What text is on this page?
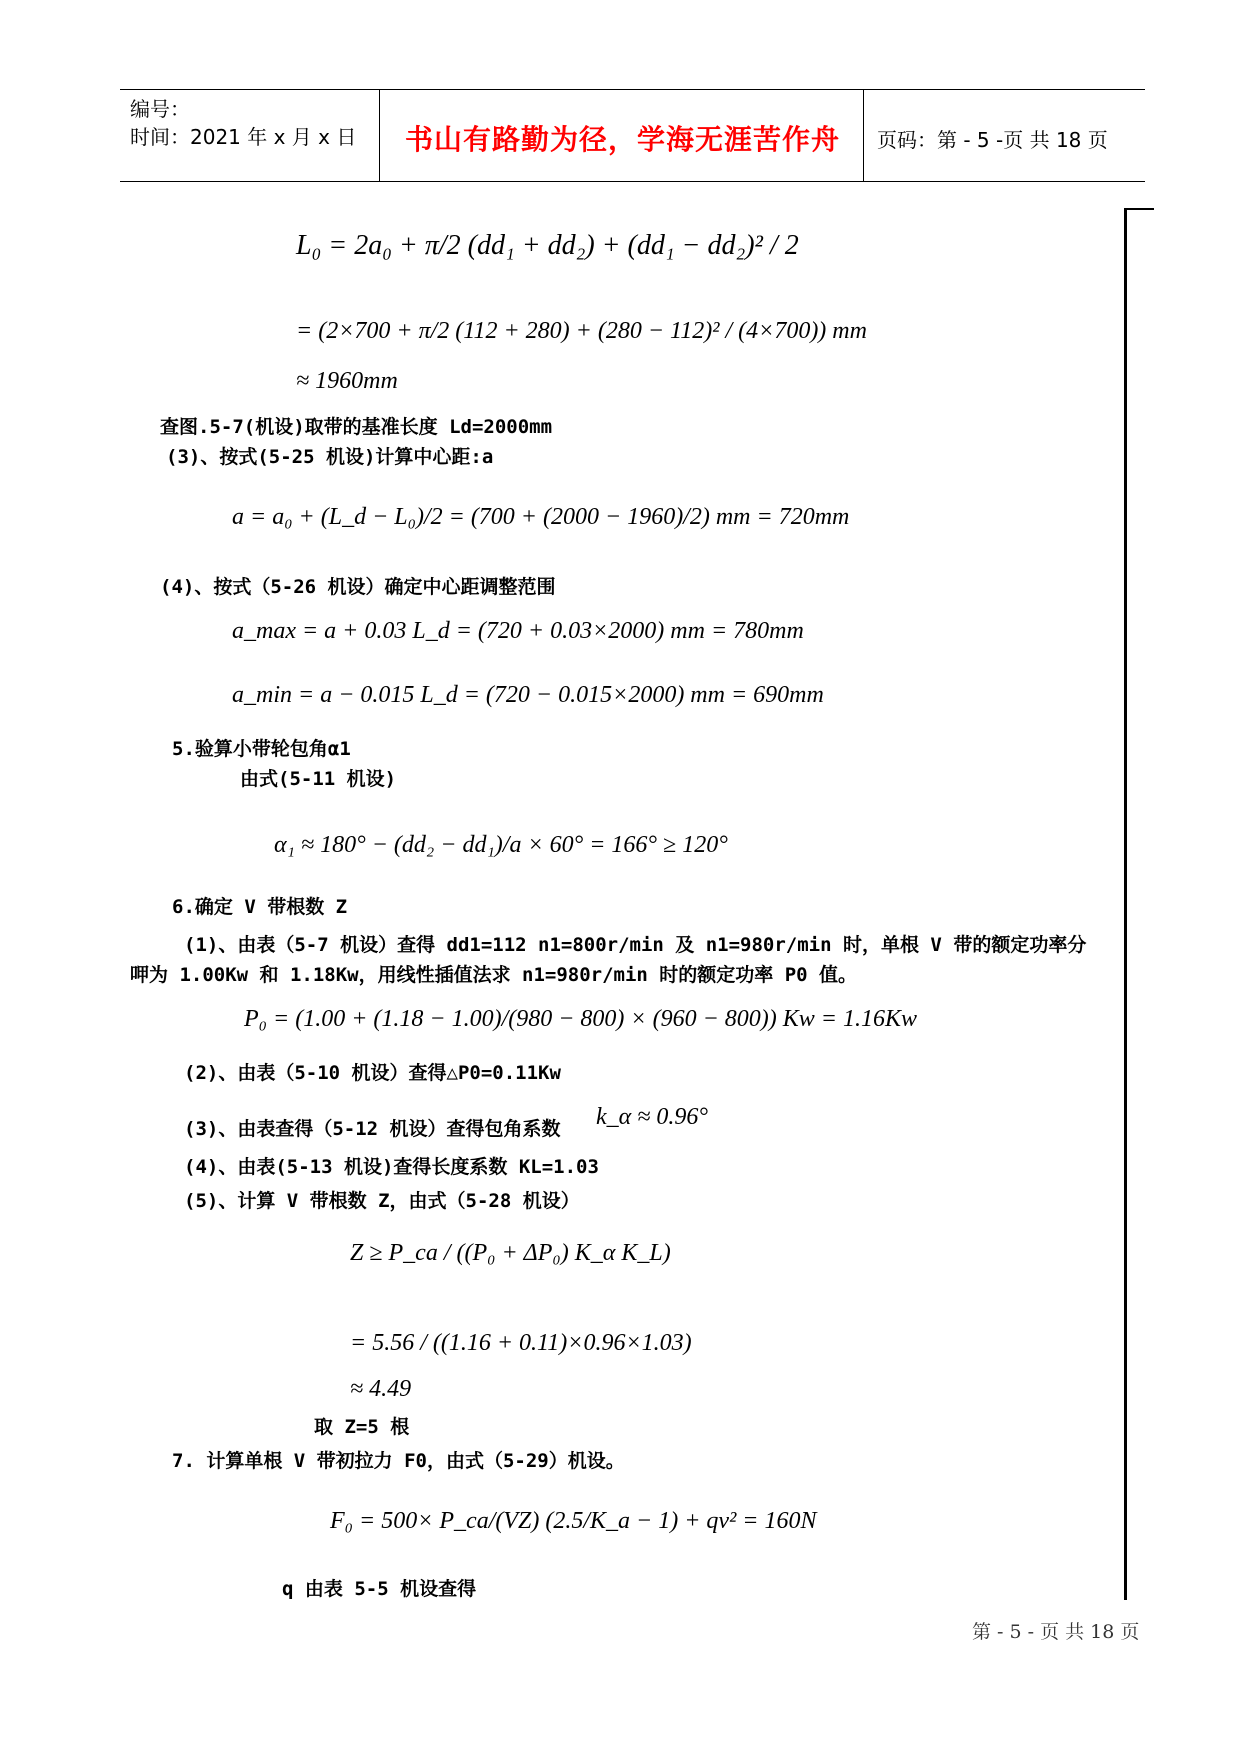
编号：
时间：2021 年 x 月 x 日 书山有路勤为径，学海无涯苦作舟 页码：第 - 5 -页 共 18 页
L₀ = 2a₀ + π/2 (dd₁ + dd₂) + (dd₁ − dd₂)² / 2
= (2×700 + π/2 (112 + 280) + (280 − 112)² / (4×700)) mm
≈ 1960mm
查图.5-7(机设)取带的基准长度 Ld=2000mm
(3)、按式(5-25 机设)计算中心距:a
a = a₀ + (L_d − L₀)/2 = (700 + (2000 − 1960)/2) mm = 720mm
(4)、按式（5-26 机设）确定中心距调整范围
a_max = a + 0.03 L_d = (720 + 0.03×2000) mm = 780mm
a_min = a − 0.015 L_d = (720 − 0.015×2000) mm = 690mm
5.验算小带轮包角α1
由式(5-11 机设)
α₁ ≈ 180° − (dd₂ − dd₁)/a × 60° = 166° ≥ 120°
6.确定 V 带根数 Z
(1)、由表（5-7 机设）查得 dd1=112 n1=800r/min 及 n1=980r/min 时，单根 V 带的额定功率分
呷为 1.00Kw 和 1.18Kw，用线性插值法求 n1=980r/min 时的额定功率 P0 值。
P₀ = (1.00 + (1.18 − 1.00)/(980 − 800) × (960 − 800)) Kw = 1.16Kw
(2)、由表（5-10 机设）查得△P0=0.11Kw
(3)、由表查得（5-12 机设）查得包角系数 k_α ≈ 0.96°
(4)、由表(5-13 机设)查得长度系数 KL=1.03
(5)、计算 V 带根数 Z，由式（5-28 机设）
Z ≥ P_ca / ((P₀ + ΔP₀) K_α K_L)
= 5.56 / ((1.16 + 0.11)×0.96×1.03)
≈ 4.49
取 Z=5 根
7. 计算单根 V 带初拉力 F0，由式（5-29）机设。
F₀ = 500× P_ca/(VZ) (2.5/K_a − 1) + qv² = 160N
q 由表 5-5 机设查得
第 - 5 - 页 共 18 页
